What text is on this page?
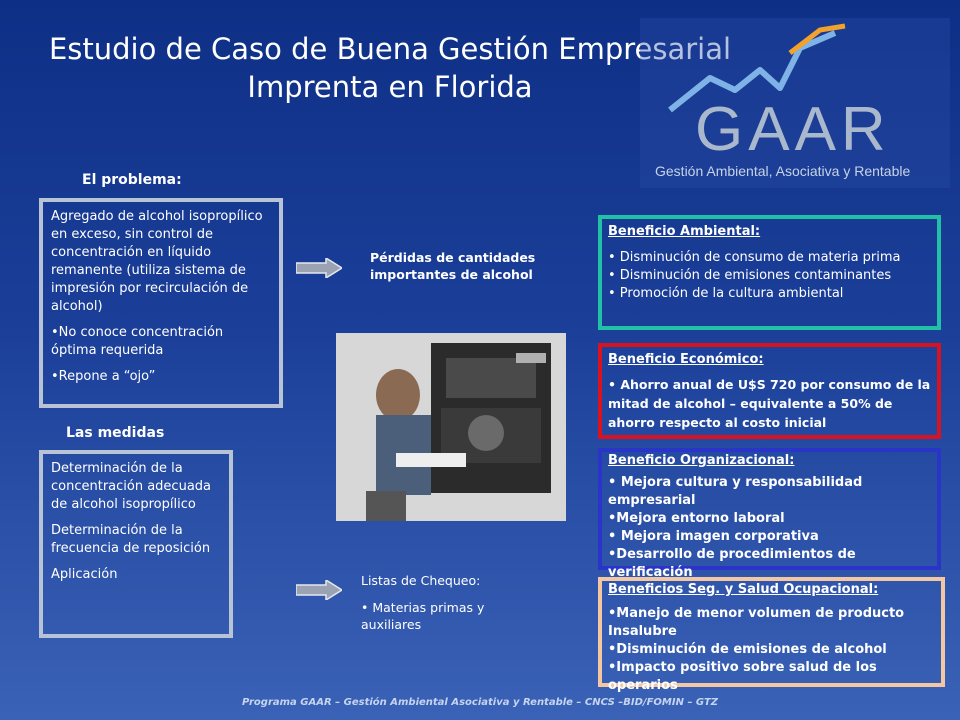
Estudio de Caso de Buena Gestión Empresarial
Imprenta en Florida
GAAR
Gestión Ambiental, Asociativa y Rentable
El problema:

Agregado de alcohol isopropílico en exceso, sin control de concentración en líquido remanente (utiliza sistema de impresión por recirculación de alcohol)

•No conoce concentración óptima requerida

•Repone a “ojo”

Pérdidas de cantidades importantes de alcohol
Las medidas

Determinación de la concentración adecuada de alcohol isopropílico

Determinación de la frecuencia de reposición

Aplicación	Listas de Chequeo:
• Materias primas y auxiliares
Beneficio Ambiental:
• Disminución de consumo de materia prima
• Disminución de emisiones contaminantes
• Promoción de la cultura ambiental
Beneficio Económico:
• Ahorro anual de U$S 720 por consumo de la mitad de alcohol – equivalente a 50% de ahorro respecto al costo inicial
Beneficio Organizacional:
• Mejora cultura y responsabilidad empresarial
•Mejora entorno laboral
• Mejora imagen corporativa
•Desarrollo de procedimientos de verificación
Beneficios Seg. y Salud Ocupacional:
•Manejo de menor volumen de producto Insalubre
•Disminución de emisiones de alcohol
•Impacto positivo sobre salud de los operarios
Programa GAAR – Gestión Ambiental Asociativa y Rentable – CNCS –BID/FOMIN – GTZ
